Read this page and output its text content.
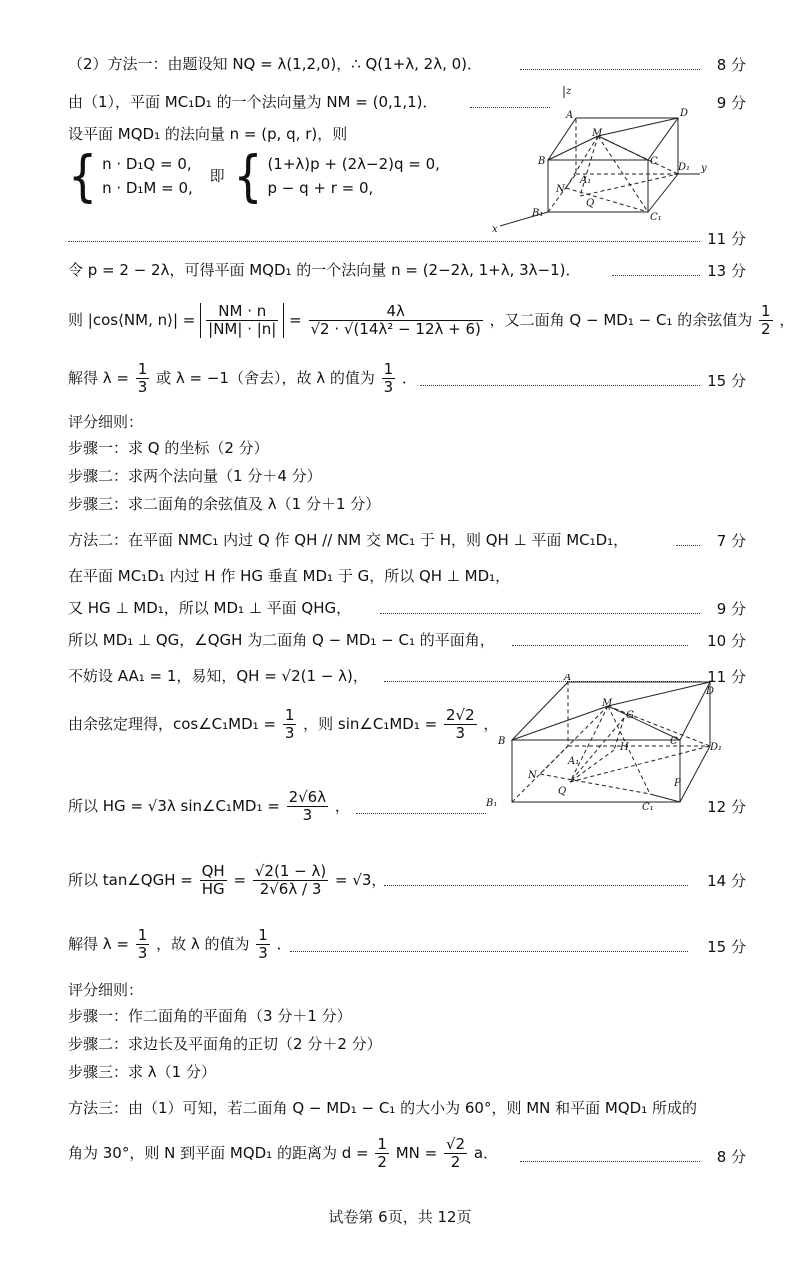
（2）方法一：由题设知 NQ = λ(1,2,0)，∴ Q(1+λ, 2λ, 0)．	8 分
由（1），平面 MC₁D₁ 的一个法向量为 NM = (0,1,1)．	9 分
设平面 MQD₁ 的法向量 n = (p, q, r)，则
{ n · D₁Q = 0,
n · D₁M = 0,
即 { (1+λ)p + (2λ−2)q = 0,
p − q + r = 0,
11 分
z
A	D
M
B	C
D₁ y
N
A₁
Q
B₁	C₁
x
令 p = 2 − 2λ，可得平面 MQD₁ 的一个法向量 n = (2−2λ, 1+λ, 3λ−1)．	13 分
则 |cos⟨NM, n⟩| = $\frac{NM \cdot n}{|NM| \cdot |n|} = \frac{4\lambda}{\text{√2 · √(14λ² − 12λ + 6)}}$ ，又二面角 Q − MD₁ − C₁ 的余弦值为 $\frac{1}{2}$ ，
解得 $\lambda = \frac{1}{3}$ 或 λ = −1（舍去），故 λ 的值为 $\frac{1}{3}$ ．	15 分
评分细则：
步骤一：求 Q 的坐标（2 分）
步骤二：求两个法向量（1 分＋4 分）
步骤三：求二面角的余弦值及 λ（1 分＋1 分）
方法二：在平面 NMC₁ 内过 Q 作 QH // NM 交 MC₁ 于 H，则 QH ⊥ 平面 MC₁D₁，	7 分
在平面 MC₁D₁ 内过 H 作 HG 垂直 MD₁ 于 G，所以 QH ⊥ MD₁，
又 HG ⊥ MD₁，所以 MD₁ ⊥ 平面 QHG，	9 分
所以 MD₁ ⊥ QG，∠QGH 为二面角 Q − MD₁ − C₁ 的平面角，	10 分
不妨设 AA₁ = 1，易知，QH = √2(1 − λ)，	11 分
由余弦定理得，cos∠C₁MD₁ = $\frac{1}{3}$ ，则 sin∠C₁MD₁ = $\frac{2√2}{3}$ ，
A
D
M
G
B
H
C
D₁
N
A₁
Q
P
B₁	C₁
所以 HG = √3λ sin∠C₁MD₁ = $\frac{2√6\lambda}{3}$ ，	12 分
所以 tan∠QGH = $\frac{QH}{HG} = \frac{√2(1 - \lambda)}{2√6\lambda / 3} = √3$，	14 分
解得 $\lambda = \frac{1}{3}$ ，故 λ 的值为 $\frac{1}{3}$ ．	15 分
评分细则：
步骤一：作二面角的平面角（3 分＋1 分）
步骤二：求边长及平面角的正切（2 分＋2 分）
步骤三：求 λ（1 分）
方法三：由（1）可知，若二面角 Q − MD₁ − C₁ 的大小为 60°，则 MN 和平面 MQD₁ 所成的
角为 30°，则 N 到平面 MQD₁ 的距离为 $d = \frac{1}{2}$ MN = $\frac{√2}{2}$ a．	8 分
试卷第 6页，共 12页
